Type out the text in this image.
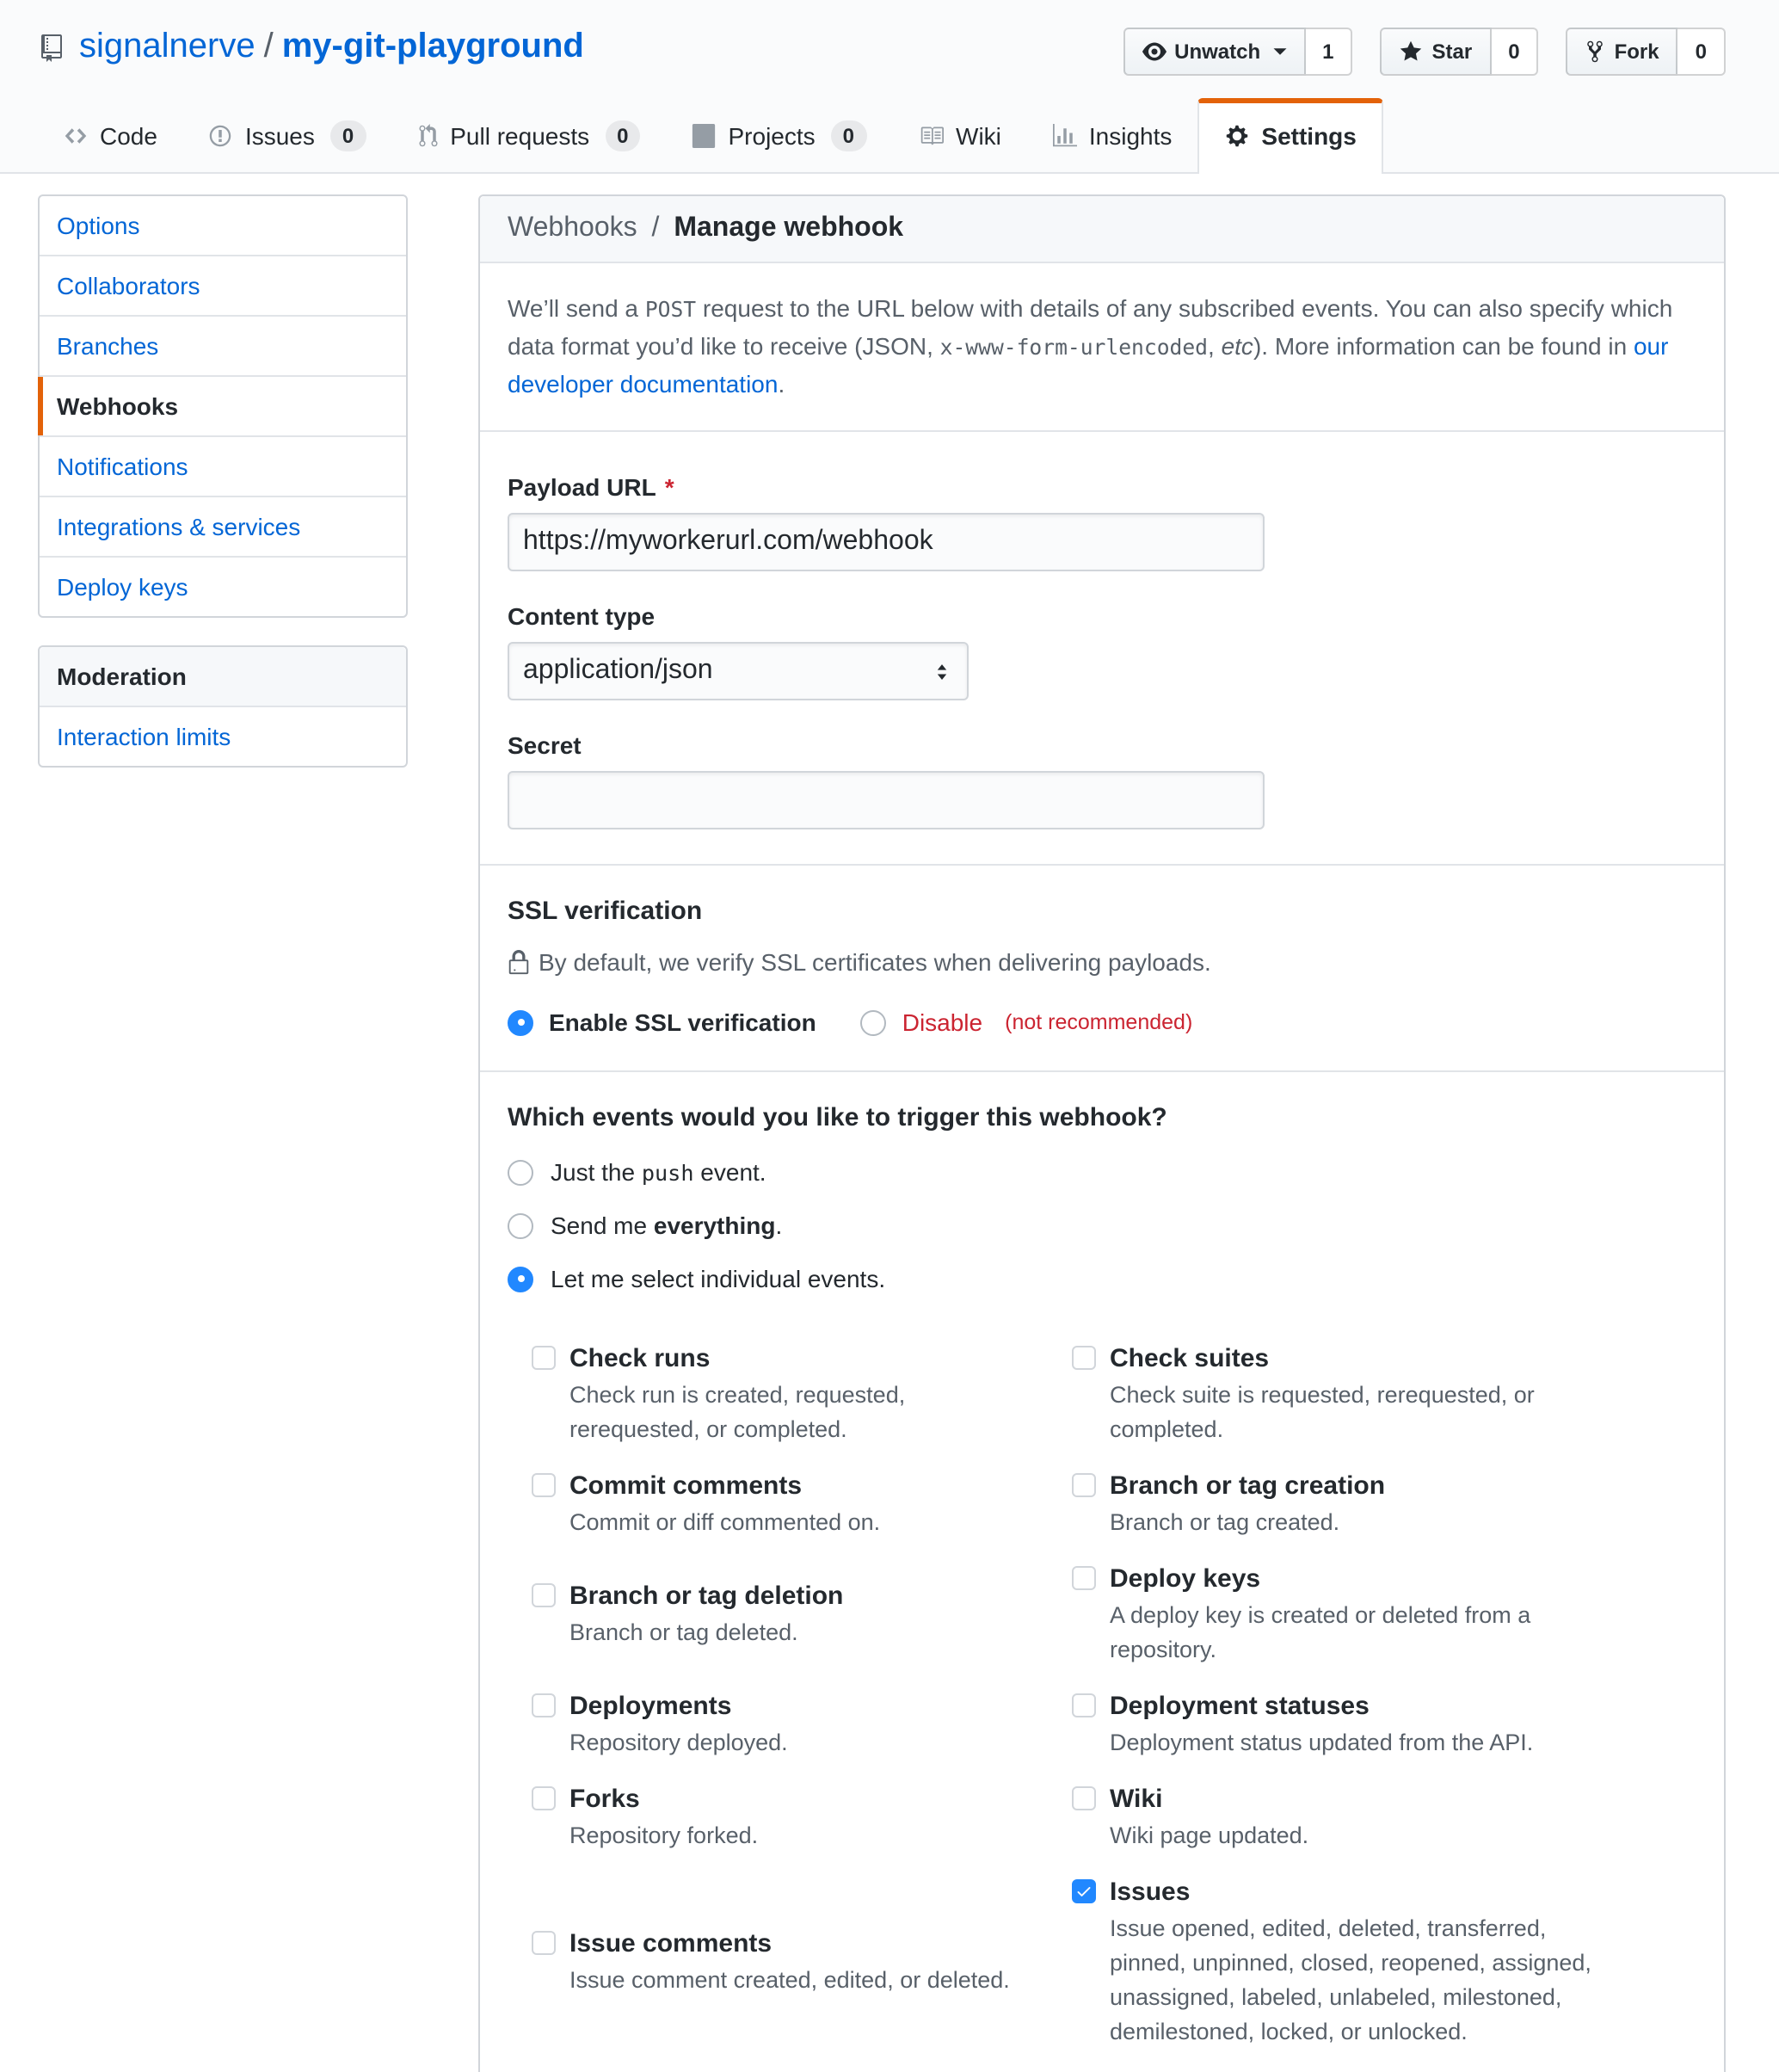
signalnerve / my-git-playground	Unwatch	1	Star	0	Fork	0
Code	Issues	0	Pull requests	0	Projects	0	Wiki	Insights	Settings
Options
Collaborators
Branches
Webhooks
Notifications
Integrations & services
Deploy keys
Moderation
Interaction limits
Webhooks / Manage webhook

We’ll send a POST request to the URL below with details of any subscribed events. You can also specify which data format you’d like to receive (JSON, x-www-form-urlencoded, etc). More information can be found in our developer documentation.

Payload URL *
https://myworkerurl.com/webhook
Content type
application/json
Secret
SSL verification
By default, we verify SSL certificates when delivering payloads.
Enable SSL verification	Disable (not recommended)
Which events would you like to trigger this webhook?
Just the push event.
Send me everything.
Let me select individual events.
Check runs
Check run is created, requested, rerequested, or completed.
Check suites
Check suite is requested, rerequested, or completed.
Commit comments
Commit or diff commented on.
Branch or tag creation
Branch or tag created.
Branch or tag deletion
Branch or tag deleted.
Deploy keys
A deploy key is created or deleted from a repository.
Deployments
Repository deployed.
Deployment statuses
Deployment status updated from the API.
Forks
Repository forked.
Wiki
Wiki page updated.
Issue comments
Issue comment created, edited, or deleted.
Issues
Issue opened, edited, deleted, transferred, pinned, unpinned, closed, reopened, assigned, unassigned, labeled, unlabeled, milestoned, demilestoned, locked, or unlocked.
